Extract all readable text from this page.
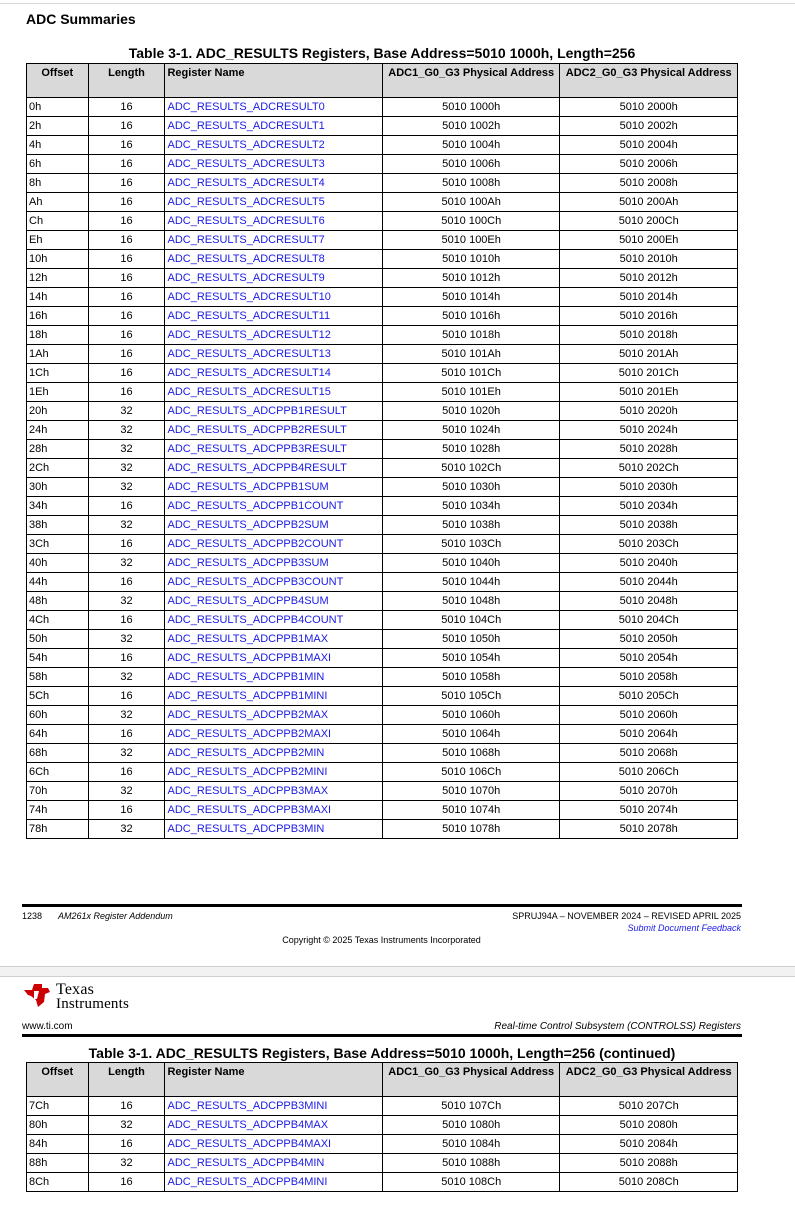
ADC Summaries
Table 3-1. ADC_RESULTS Registers, Base Address=5010 1000h, Length=256
Offset	Length	Register Name	ADC1_G0_G3 Physical Address	ADC2_G0_G3 Physical Address

0h	16	ADC_RESULTS_ADCRESULT0	5010 1000h	5010 2000h
2h	16	ADC_RESULTS_ADCRESULT1	5010 1002h	5010 2002h
4h	16	ADC_RESULTS_ADCRESULT2	5010 1004h	5010 2004h
6h	16	ADC_RESULTS_ADCRESULT3	5010 1006h	5010 2006h
8h	16	ADC_RESULTS_ADCRESULT4	5010 1008h	5010 2008h
Ah	16	ADC_RESULTS_ADCRESULT5	5010 100Ah	5010 200Ah
Ch	16	ADC_RESULTS_ADCRESULT6	5010 100Ch	5010 200Ch
Eh	16	ADC_RESULTS_ADCRESULT7	5010 100Eh	5010 200Eh
10h	16	ADC_RESULTS_ADCRESULT8	5010 1010h	5010 2010h
12h	16	ADC_RESULTS_ADCRESULT9	5010 1012h	5010 2012h
14h	16	ADC_RESULTS_ADCRESULT10	5010 1014h	5010 2014h
16h	16	ADC_RESULTS_ADCRESULT11	5010 1016h	5010 2016h
18h	16	ADC_RESULTS_ADCRESULT12	5010 1018h	5010 2018h
1Ah	16	ADC_RESULTS_ADCRESULT13	5010 101Ah	5010 201Ah
1Ch	16	ADC_RESULTS_ADCRESULT14	5010 101Ch	5010 201Ch
1Eh	16	ADC_RESULTS_ADCRESULT15	5010 101Eh	5010 201Eh
20h	32	ADC_RESULTS_ADCPPB1RESULT	5010 1020h	5010 2020h
24h	32	ADC_RESULTS_ADCPPB2RESULT	5010 1024h	5010 2024h
28h	32	ADC_RESULTS_ADCPPB3RESULT	5010 1028h	5010 2028h
2Ch	32	ADC_RESULTS_ADCPPB4RESULT	5010 102Ch	5010 202Ch
30h	32	ADC_RESULTS_ADCPPB1SUM	5010 1030h	5010 2030h
34h	16	ADC_RESULTS_ADCPPB1COUNT	5010 1034h	5010 2034h
38h	32	ADC_RESULTS_ADCPPB2SUM	5010 1038h	5010 2038h
3Ch	16	ADC_RESULTS_ADCPPB2COUNT	5010 103Ch	5010 203Ch
40h	32	ADC_RESULTS_ADCPPB3SUM	5010 1040h	5010 2040h
44h	16	ADC_RESULTS_ADCPPB3COUNT	5010 1044h	5010 2044h
48h	32	ADC_RESULTS_ADCPPB4SUM	5010 1048h	5010 2048h
4Ch	16	ADC_RESULTS_ADCPPB4COUNT	5010 104Ch	5010 204Ch
50h	32	ADC_RESULTS_ADCPPB1MAX	5010 1050h	5010 2050h
54h	16	ADC_RESULTS_ADCPPB1MAXI	5010 1054h	5010 2054h
58h	32	ADC_RESULTS_ADCPPB1MIN	5010 1058h	5010 2058h
5Ch	16	ADC_RESULTS_ADCPPB1MINI	5010 105Ch	5010 205Ch
60h	32	ADC_RESULTS_ADCPPB2MAX	5010 1060h	5010 2060h
64h	16	ADC_RESULTS_ADCPPB2MAXI	5010 1064h	5010 2064h
68h	32	ADC_RESULTS_ADCPPB2MIN	5010 1068h	5010 2068h
6Ch	16	ADC_RESULTS_ADCPPB2MINI	5010 106Ch	5010 206Ch
70h	32	ADC_RESULTS_ADCPPB3MAX	5010 1070h	5010 2070h
74h	16	ADC_RESULTS_ADCPPB3MAXI	5010 1074h	5010 2074h
78h	32	ADC_RESULTS_ADCPPB3MIN	5010 1078h	5010 2078h
1238 AM261x Register Addendum	SPRUJ94A – NOVEMBER 2024 – REVISED APRIL 2025
Submit Document Feedback
Copyright © 2025 Texas Instruments Incorporated
Texas
Instruments
www.ti.com	Real-time Control Subsystem (CONTROLSS) Registers
Table 3-1. ADC_RESULTS Registers, Base Address=5010 1000h, Length=256 (continued)
Offset	Length	Register Name	ADC1_G0_G3 Physical Address	ADC2_G0_G3 Physical Address

7Ch	16	ADC_RESULTS_ADCPPB3MINI	5010 107Ch	5010 207Ch
80h	32	ADC_RESULTS_ADCPPB4MAX	5010 1080h	5010 2080h
84h	16	ADC_RESULTS_ADCPPB4MAXI	5010 1084h	5010 2084h
88h	32	ADC_RESULTS_ADCPPB4MIN	5010 1088h	5010 2088h
8Ch	16	ADC_RESULTS_ADCPPB4MINI	5010 108Ch	5010 208Ch
